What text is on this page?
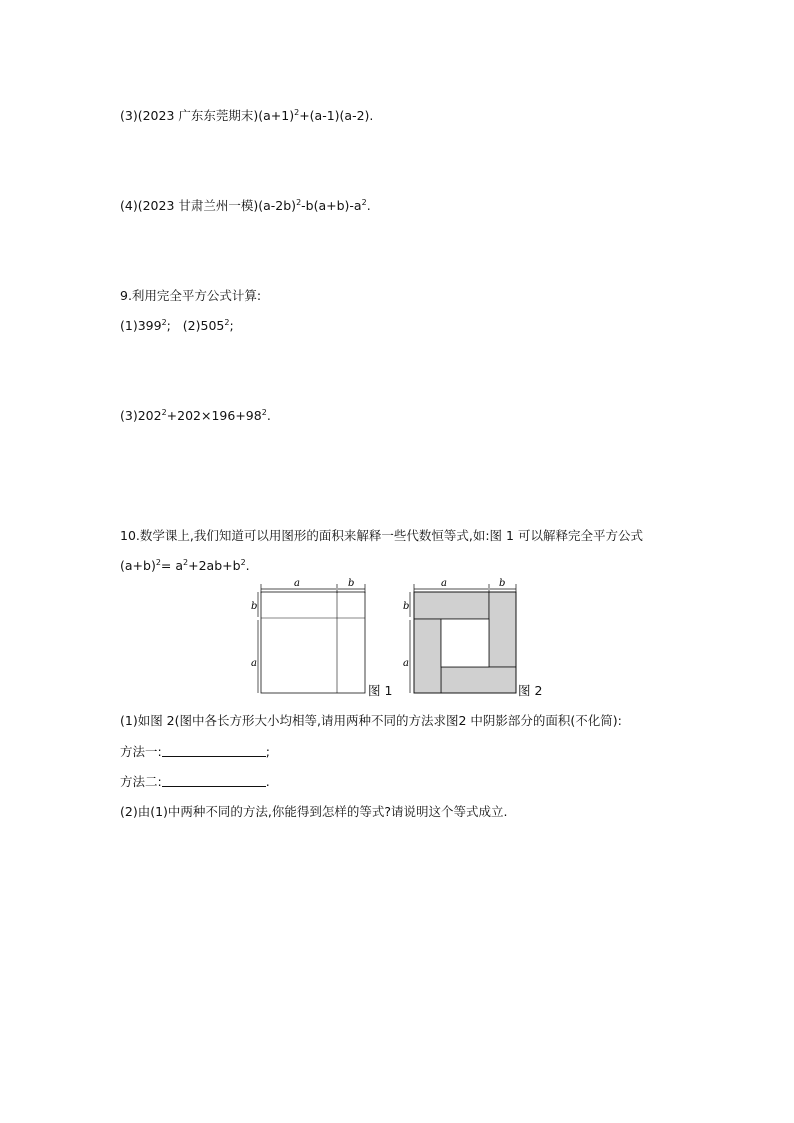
(3)(2023 广东东莞期末)$(a+1)^2+(a-1)(a-2)$.
(4)(2023 甘肃兰州一模)$(a-2b)^2-b(a+b)-a^2$.
9.利用完全平方公式计算:
$(1)399^2$;   $(2)505^2$;
$(3)202^2+202\times 196+98^2$.
10.数学课上,我们知道可以用图形的面积来解释一些代数恒等式,如:图 1 可以解释完全平方公式
$(a+b)^2= a^2+2ab+b^2$.
a	b
b
a
图 1
a	b
b
a
图 2
(1)如图 2(图中各长方形大小均相等,请用两种不同的方法求图2 中阴影部分的面积(不化简):
方法一:	;
方法二:	.
(2)由(1)中两种不同的方法,你能得到怎样的等式?请说明这个等式成立.
